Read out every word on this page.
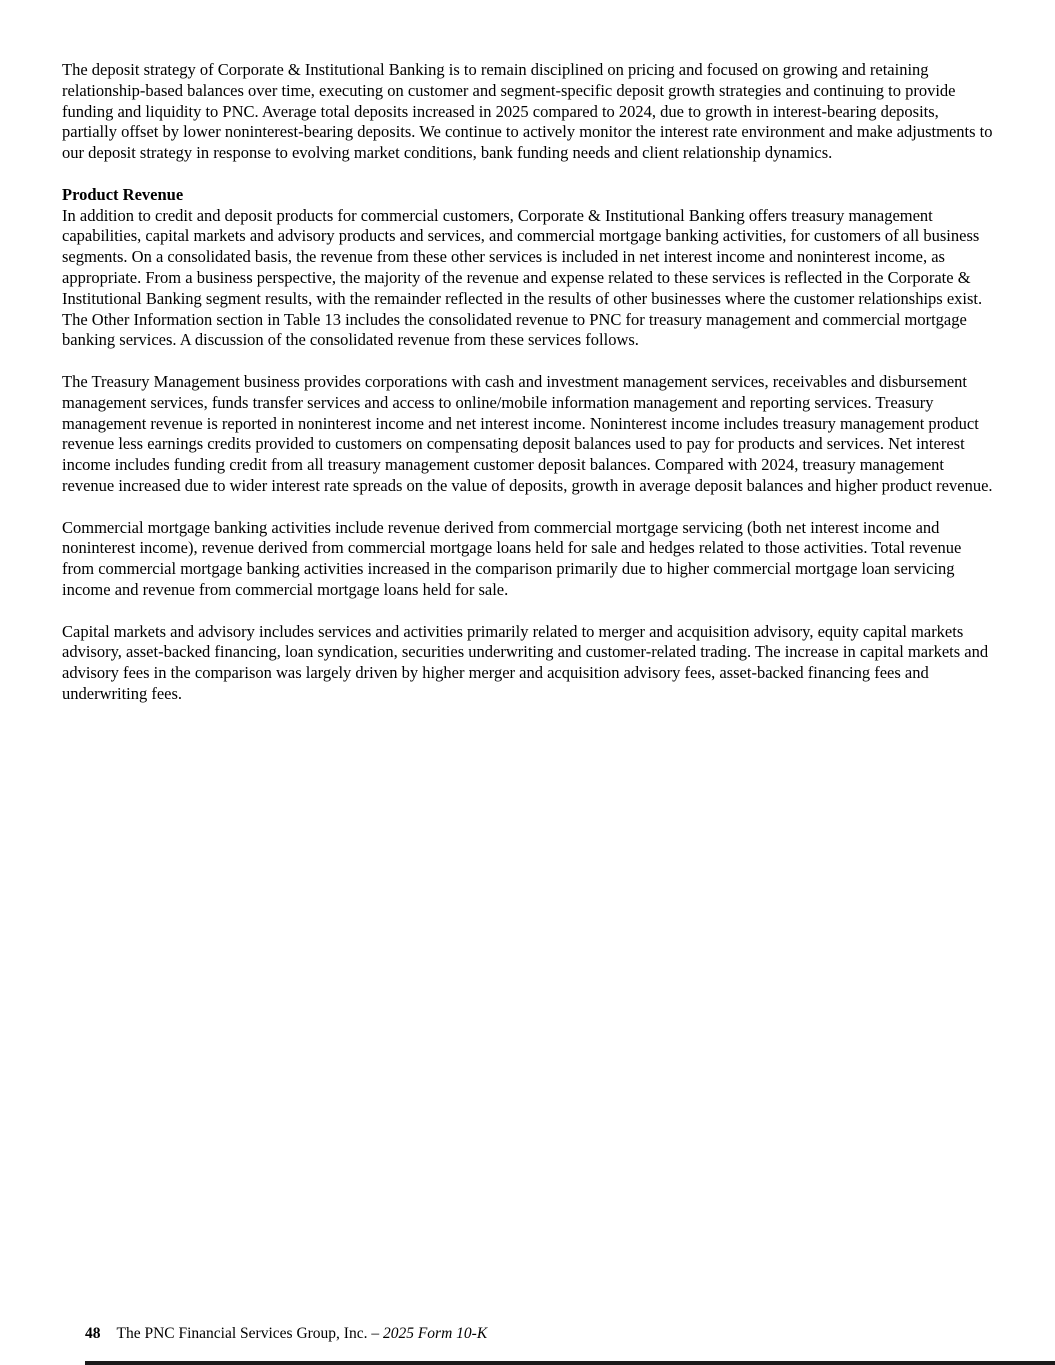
The deposit strategy of Corporate & Institutional Banking is to remain disciplined on pricing and focused on growing and retaining relationship-based balances over time, executing on customer and segment-specific deposit growth strategies and continuing to provide funding and liquidity to PNC. Average total deposits increased in 2025 compared to 2024, due to growth in interest-bearing deposits, partially offset by lower noninterest-bearing deposits. We continue to actively monitor the interest rate environment and make adjustments to our deposit strategy in response to evolving market conditions, bank funding needs and client relationship dynamics.

Product Revenue

In addition to credit and deposit products for commercial customers, Corporate & Institutional Banking offers treasury management capabilities, capital markets and advisory products and services, and commercial mortgage banking activities, for customers of all business segments. On a consolidated basis, the revenue from these other services is included in net interest income and noninterest income, as appropriate. From a business perspective, the majority of the revenue and expense related to these services is reflected in the Corporate & Institutional Banking segment results, with the remainder reflected in the results of other businesses where the customer relationships exist. The Other Information section in Table 13 includes the consolidated revenue to PNC for treasury management and commercial mortgage banking services. A discussion of the consolidated revenue from these services follows.

The Treasury Management business provides corporations with cash and investment management services, receivables and disbursement management services, funds transfer services and access to online/mobile information management and reporting services. Treasury management revenue is reported in noninterest income and net interest income. Noninterest income includes treasury management product revenue less earnings credits provided to customers on compensating deposit balances used to pay for products and services. Net interest income includes funding credit from all treasury management customer deposit balances. Compared with 2024, treasury management revenue increased due to wider interest rate spreads on the value of deposits, growth in average deposit balances and higher product revenue.

Commercial mortgage banking activities include revenue derived from commercial mortgage servicing (both net interest income and noninterest income), revenue derived from commercial mortgage loans held for sale and hedges related to those activities. Total revenue from commercial mortgage banking activities increased in the comparison primarily due to higher commercial mortgage loan servicing income and revenue from commercial mortgage loans held for sale.

Capital markets and advisory includes services and activities primarily related to merger and acquisition advisory, equity capital markets advisory, asset-backed financing, loan syndication, securities underwriting and customer-related trading. The increase in capital markets and advisory fees in the comparison was largely driven by higher merger and acquisition advisory fees, asset-backed financing fees and underwriting fees.

48 The PNC Financial Services Group, Inc. – 2025 Form 10-K
